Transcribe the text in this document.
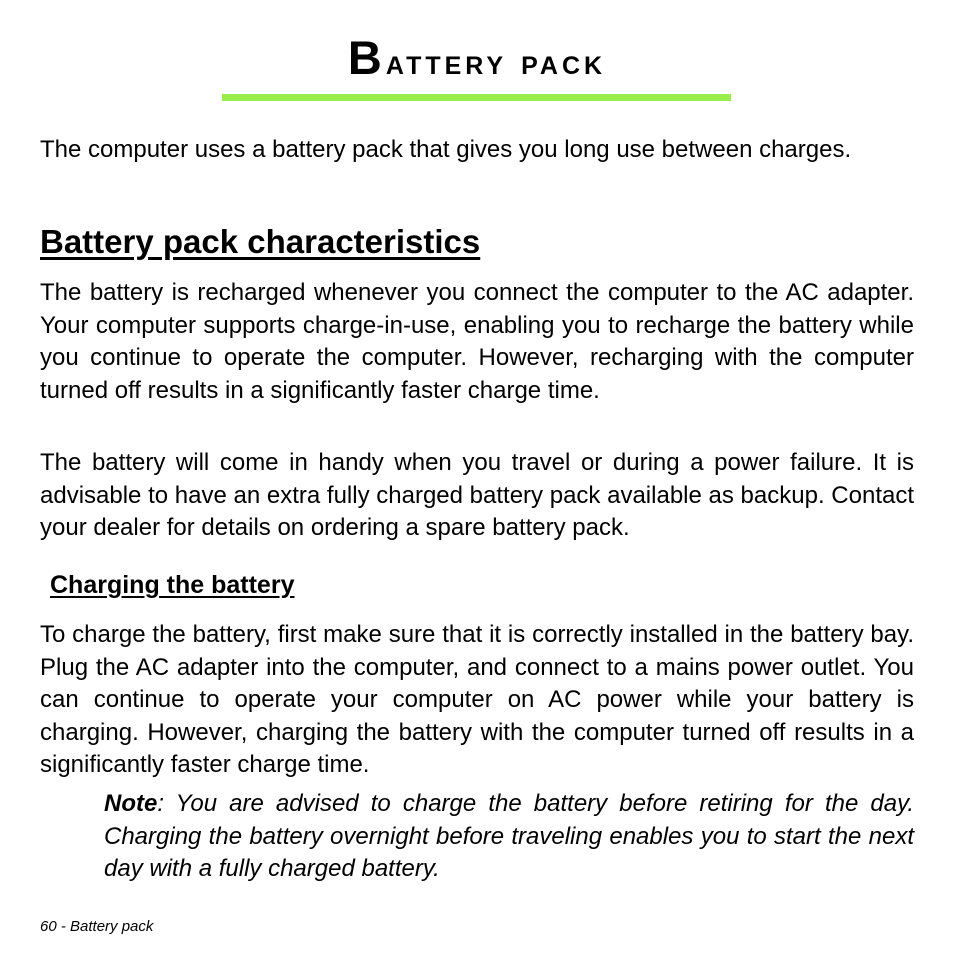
Battery pack

The computer uses a battery pack that gives you long use between charges.

Battery pack characteristics

The battery is recharged whenever you connect the computer to the AC adapter. Your computer supports charge-in-use, enabling you to recharge the battery while you continue to operate the computer. However, recharging with the computer turned off results in a significantly faster charge time.

The battery will come in handy when you travel or during a power failure. It is advisable to have an extra fully charged battery pack available as backup. Contact your dealer for details on ordering a spare battery pack.

Charging the battery

To charge the battery, first make sure that it is correctly installed in the battery bay. Plug the AC adapter into the computer, and connect to a mains power outlet. You can continue to operate your computer on AC power while your battery is charging. However, charging the battery with the computer turned off results in a significantly faster charge time.

Note: You are advised to charge the battery before retiring for the day. Charging the battery overnight before traveling enables you to start the next day with a fully charged battery.

60 - Battery pack
